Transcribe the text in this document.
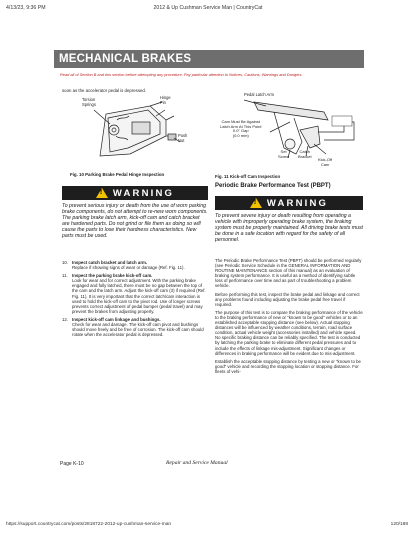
4/13/23, 9:36 PM	2012 & Up Cushman Service Man | CountryCat
MECHANICAL BRAKES
Read all of Section B and this section before attempting any procedure. Pay particular attention to Notices, Cautions, Warnings and Dangers.

soon as the accelerator pedal is depressed.

Torsion
Springs
Hinge
Pin
Push
Nut
Fig. 10 Parking Brake Pedal Hinge Inspection
! WARNING
To prevent serious injury or death from the use of worn parking brake components, do not attempt to re-new worn components. The parking brake latch arm, kick-off cam and catch bracket are hardened parts. Do not grind or file them as doing so will cause the parts to lose their hardness characteristics. New parts must be used.
10. Inspect catch bracket and latch arm.
Replace if showing signs of wear or damage (Ref. Fig. 11).
11. Inspect the parking brake kick-off cam.
Look for wear and for correct adjustment. With the parking brake engaged and fully latched, there must be no gap between the top of the cam and the latch arm. Adjust the kick-off cam (3) if required (Ref. Fig. 11). It is very important that the correct latch/cam interaction is used to hold the kick-off cam to the pivot rod. Use of longer screws prevents correct adjustment of pedal bumper (pedal travel) and may prevent the brakes from adjusting properly.
12. Inspect kick-off cam linkage and bushings.
Check for wear and damage. The kick-off cam pivot and bushings should move freely and be free of corrosion. The kick-off cam should rotate when the accelerator pedal is depressed.
Pedal Latch Arm
Cam Must Be Against
Latch Arm At This Point
0.0" Gap
(0.0 mm)
Set
Screw
Catch
Bracket
Kick-Off
Cam
Fig. 11 Kick-off Cam Inspection
Periodic Brake Performance Test (PBPT)
! WARNING
To prevent severe injury or death resulting from operating a vehicle with improperly operating brake system, the braking system must be properly maintained. All driving brake tests must be done in a safe location with regard for the safety of all personnel.

The Periodic Brake Performance Test (PBPT) should be performed regularly (see Periodic Service Schedule in the GENERAL INFORMATION AND ROUTINE MAINTENANCE section of this manual) as an evaluation of braking system performance. It is useful as a method of identifying subtle loss of performance over time and as part of troubleshooting a problem vehicle.

Before performing this test, inspect the brake pedal and linkage and correct any problems found including adjusting the brake pedal free travel if required.

The purpose of this test is to compare the braking performance of the vehicle to the braking performance of new or "known to be good" vehicles or to an established acceptable stopping distance (see below). Actual stopping distances will be influenced by weather conditions, terrain, road surface condition, actual vehicle weight (accessories installed) and vehicle speed. No specific braking distance can be reliably specified. The test is conducted by latching the parking brake to eliminate different pedal pressures and to include the effects of linkage mis-adjustment. Significant changes or differences in braking performance will be evident due to mis-adjustment.

Establish the acceptable stopping distance by testing a new or "known to be good" vehicle and recording the stopping location or stopping distance. For fleets of vehi-

Page K-10	Repair and Service Manual
https://support.countrycat.com/posts/2818722-2012-up-cushman-service-man	120/188
